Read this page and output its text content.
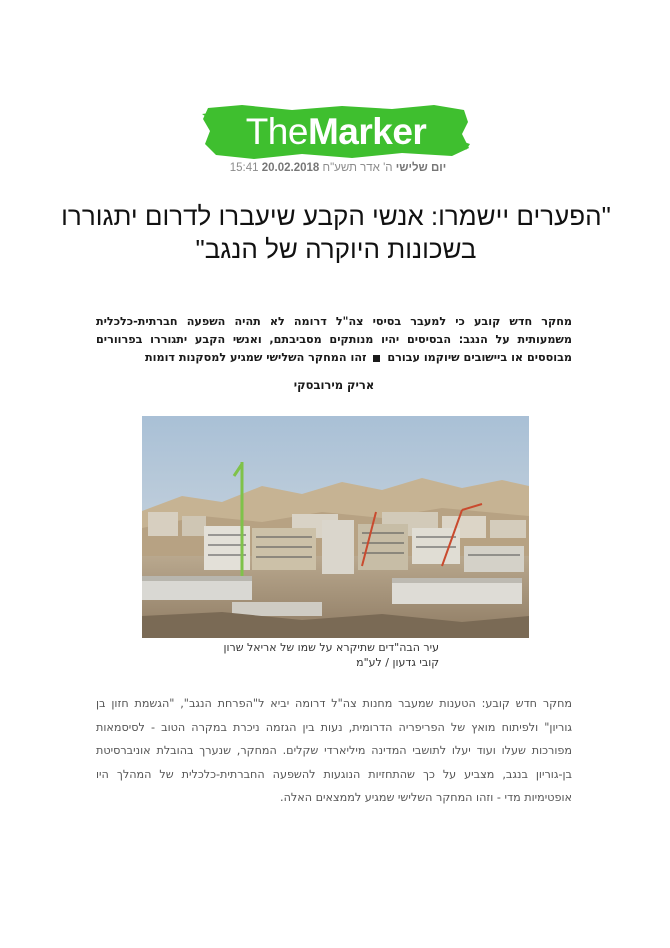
TheMarker
יום שלישי ה' אדר תשע"ח 20.02.2018 15:41
"הפערים יישמרו: אנשי הקבע שיעברו לדרום יתגוררו בשכונות היוקרה של הנגב"

מחקר חדש קובע כי למעבר בסיסי צה"ל דרומה לא תהיה השפעה חברתית-כלכלית משמעותית על הנגב: הבסיסים יהיו מנותקים מסביבתם, ואנשי הקבע יתגוררו בפרוורים מבוססים או ביישובים שיוקמו עבורם  זהו המחקר השלישי שמגיע למסקנות דומות

אריק מירובסקי
עיר הבה"דים שתיקרא על שמו של אריאל שרון
קובי גדעון / לע"מ

מחקר חדש קובע: הטענות שמעבר מחנות צה"ל דרומה יביא ל"הפרחת הנגב", "הגשמת חזון בן גוריון" ולפיתוח מואץ של הפריפריה הדרומית, נעות בין הגזמה ניכרת במקרה הטוב - לסיסמאות מפורכות שעלו ועוד יעלו לתושבי המדינה מיליארדי שקלים. המחקר, שנערך בהובלת אוניברסיטת בן-גוריון בנגב, מצביע על כך שהתחזיות הנוגעות להשפעה החברתית-כלכלית של המהלך היו אופטימיות מדי - וזהו המחקר השלישי שמגיע לממצאים האלה.
